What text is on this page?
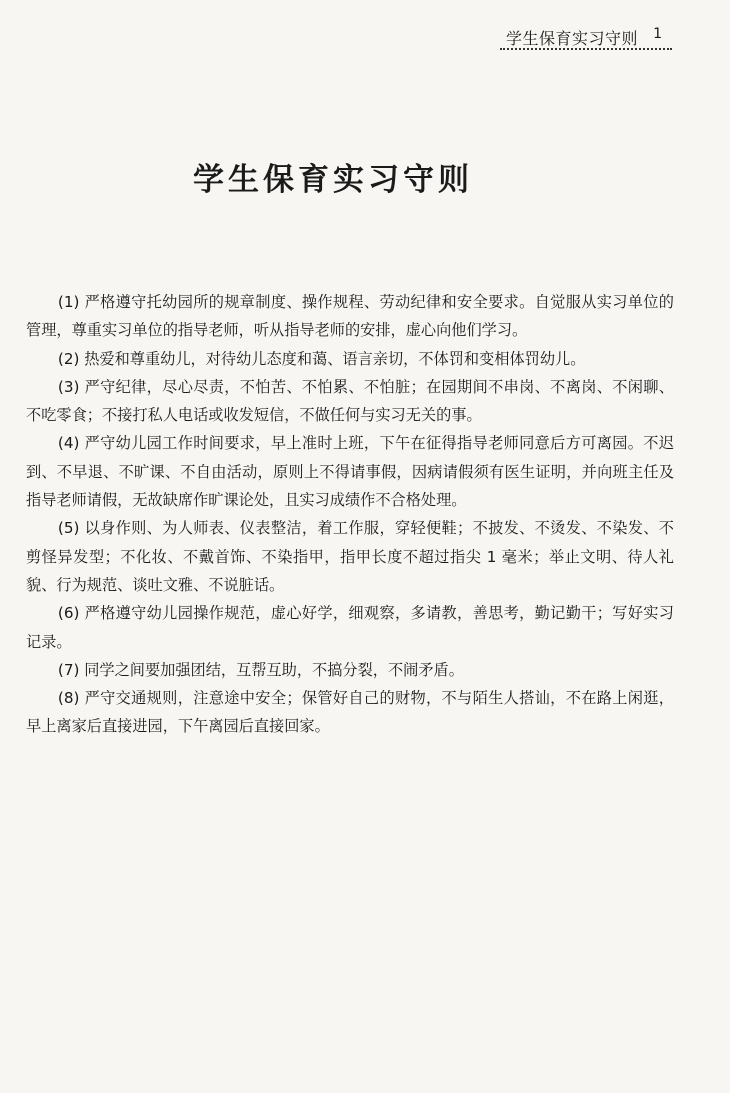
学生保育实习守则 1
学生保育实习守则

(1) 严格遵守托幼园所的规章制度、操作规程、劳动纪律和安全要求。自觉服从实习单位的管理，尊重实习单位的指导老师，听从指导老师的安排，虚心向他们学习。

(2) 热爱和尊重幼儿，对待幼儿态度和蔼、语言亲切，不体罚和变相体罚幼儿。

(3) 严守纪律，尽心尽责，不怕苦、不怕累、不怕脏；在园期间不串岗、不离岗、不闲聊、不吃零食；不接打私人电话或收发短信，不做任何与实习无关的事。

(4) 严守幼儿园工作时间要求，早上准时上班，下午在征得指导老师同意后方可离园。不迟到、不早退、不旷课、不自由活动，原则上不得请事假，因病请假须有医生证明，并向班主任及指导老师请假，无故缺席作旷课论处，且实习成绩作不合格处理。

(5) 以身作则、为人师表、仪表整洁，着工作服，穿轻便鞋；不披发、不烫发、不染发、不剪怪异发型；不化妆、不戴首饰、不染指甲，指甲长度不超过指尖 1 毫米；举止文明、待人礼貌、行为规范、谈吐文雅、不说脏话。

(6) 严格遵守幼儿园操作规范，虚心好学，细观察，多请教，善思考，勤记勤干；写好实习记录。

(7) 同学之间要加强团结，互帮互助，不搞分裂，不闹矛盾。

(8) 严守交通规则，注意途中安全；保管好自己的财物，不与陌生人搭讪，不在路上闲逛，早上离家后直接进园，下午离园后直接回家。
